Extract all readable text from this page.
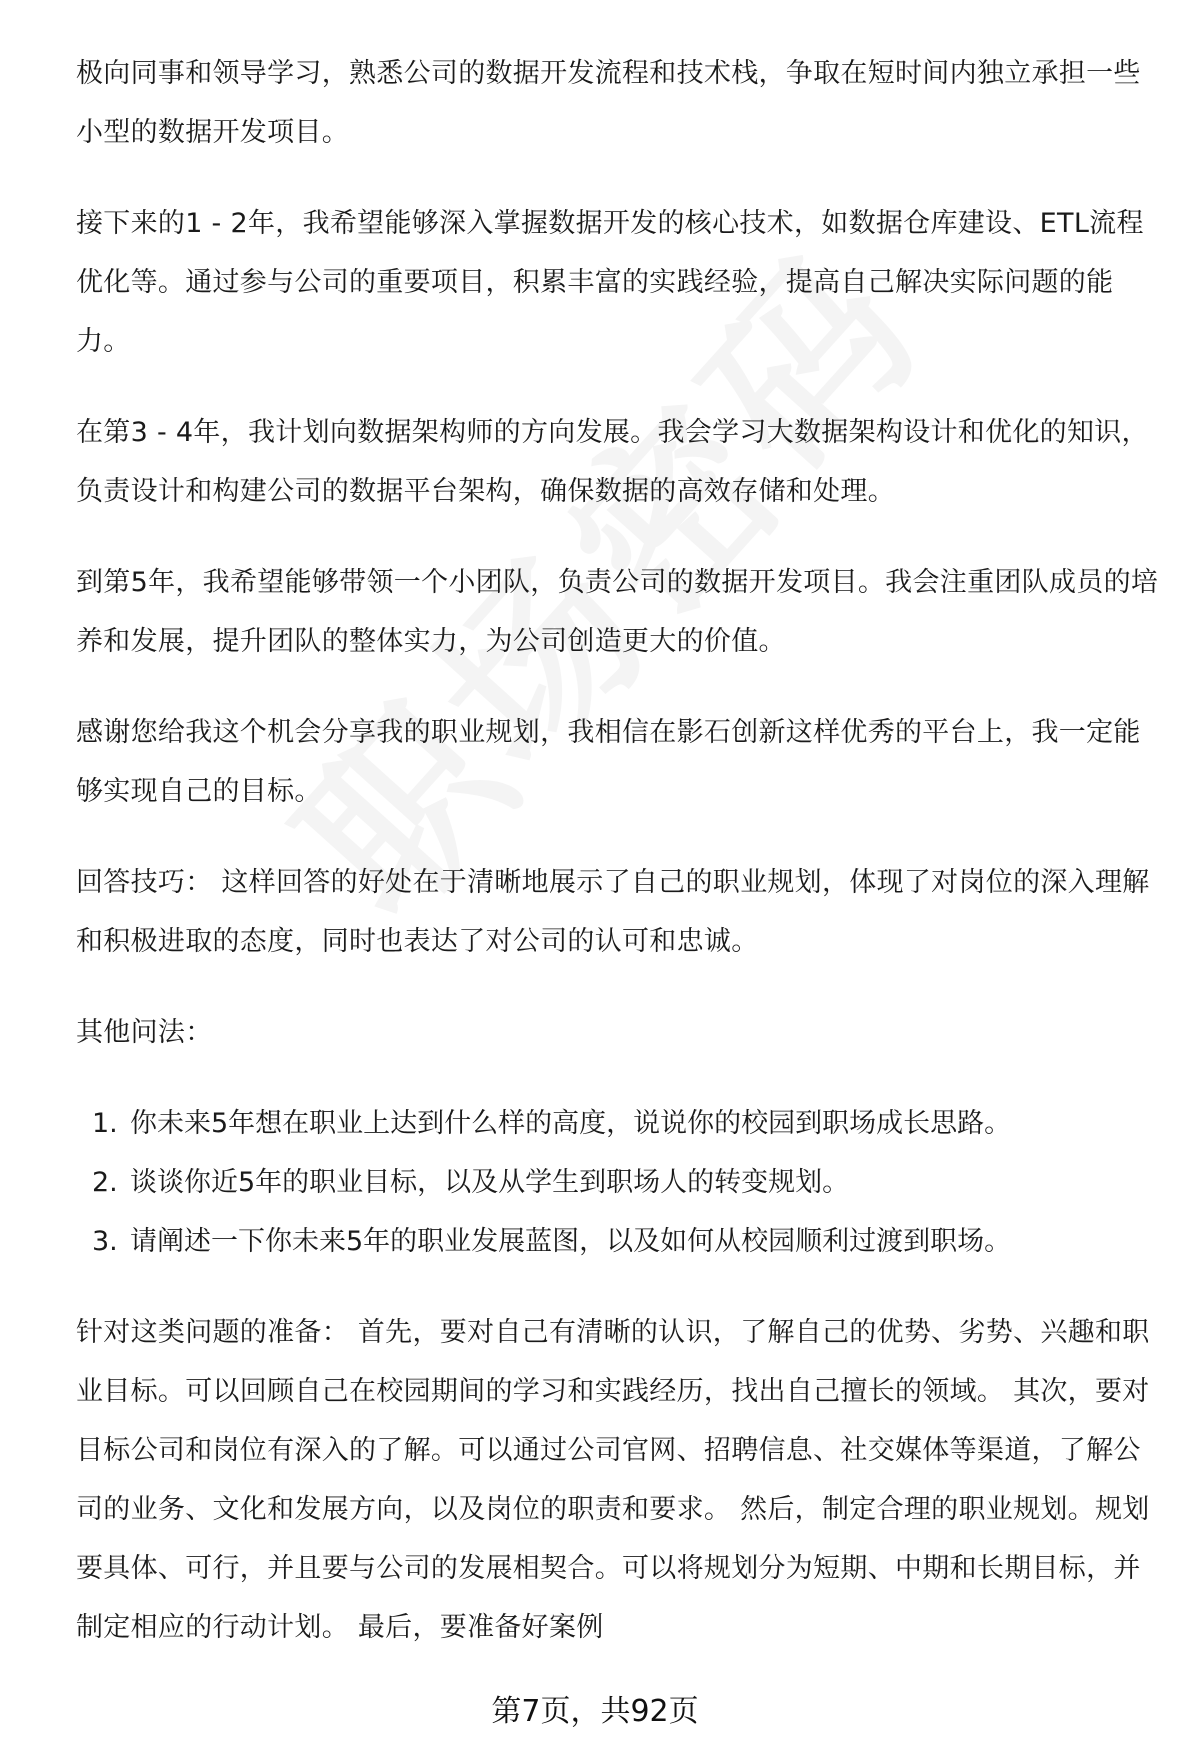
极向同事和领导学习，熟悉公司的数据开发流程和技术栈，争取在短时间内独立承担一些小型的数据开发项目。

接下来的1 - 2年，我希望能够深入掌握数据开发的核心技术，如数据仓库建设、ETL流程优化等。通过参与公司的重要项目，积累丰富的实践经验，提高自己解决实际问题的能力。

在第3 - 4年，我计划向数据架构师的方向发展。我会学习大数据架构设计和优化的知识，负责设计和构建公司的数据平台架构，确保数据的高效存储和处理。

到第5年，我希望能够带领一个小团队，负责公司的数据开发项目。我会注重团队成员的培养和发展，提升团队的整体实力，为公司创造更大的价值。

感谢您给我这个机会分享我的职业规划，我相信在影石创新这样优秀的平台上，我一定能够实现自己的目标。

回答技巧： 这样回答的好处在于清晰地展示了自己的职业规划，体现了对岗位的深入理解和积极进取的态度，同时也表达了对公司的认可和忠诚。

其他问法：

1. 你未来5年想在职业上达到什么样的高度，说说你的校园到职场成长思路。
2. 谈谈你近5年的职业目标，以及从学生到职场人的转变规划。
3. 请阐述一下你未来5年的职业发展蓝图，以及如何从校园顺利过渡到职场。

针对这类问题的准备： 首先，要对自己有清晰的认识，了解自己的优势、劣势、兴趣和职业目标。可以回顾自己在校园期间的学习和实践经历，找出自己擅长的领域。 其次，要对目标公司和岗位有深入的了解。可以通过公司官网、招聘信息、社交媒体等渠道，了解公司的业务、文化和发展方向，以及岗位的职责和要求。 然后，制定合理的职业规划。规划要具体、可行，并且要与公司的发展相契合。可以将规划分为短期、中期和长期目标，并制定相应的行动计划。 最后，要准备好案例

第7页，共92页
